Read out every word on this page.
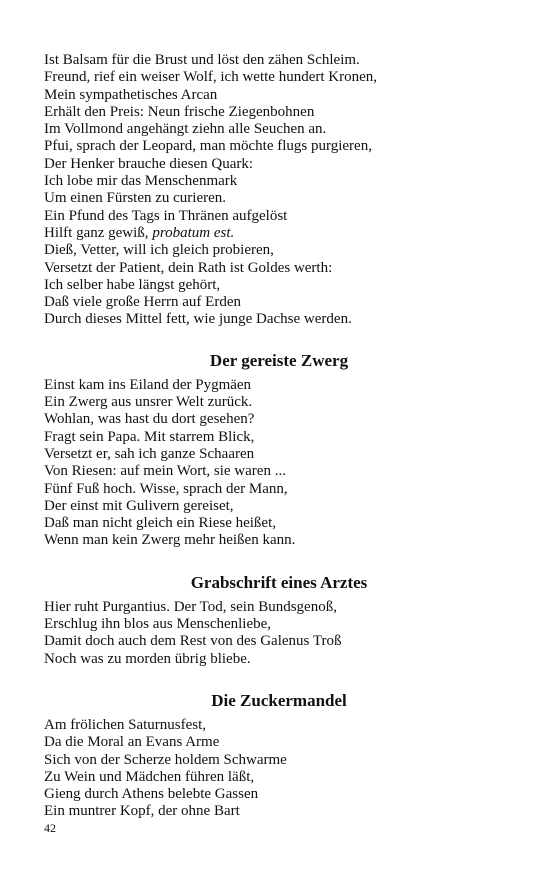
Ist Balsam für die Brust und löst den zähen Schleim.
Freund, rief ein weiser Wolf, ich wette hundert Kronen,
Mein sympathetisches Arcan
Erhält den Preis: Neun frische Ziegenbohnen
Im Vollmond angehängt ziehn alle Seuchen an.
Pfui, sprach der Leopard, man möchte flugs purgieren,
Der Henker brauche diesen Quark:
Ich lobe mir das Menschenmark
Um einen Fürsten zu curieren.
Ein Pfund des Tags in Thränen aufgelöst
Hilft ganz gewiß, probatum est.
Dieß, Vetter, will ich gleich probieren,
Versetzt der Patient, dein Rath ist Goldes werth:
Ich selber habe längst gehört,
Daß viele große Herrn auf Erden
Durch dieses Mittel fett, wie junge Dachse werden.
Der gereiste Zwerg
Einst kam ins Eiland der Pygmäen
Ein Zwerg aus unsrer Welt zurück.
Wohlan, was hast du dort gesehen?
Fragt sein Papa. Mit starrem Blick,
Versetzt er, sah ich ganze Schaaren
Von Riesen: auf mein Wort, sie waren ...
Fünf Fuß hoch. Wisse, sprach der Mann,
Der einst mit Gulivern gereiset,
Daß man nicht gleich ein Riese heißet,
Wenn man kein Zwerg mehr heißen kann.
Grabschrift eines Arztes
Hier ruht Purgantius. Der Tod, sein Bundsgenoß,
Erschlug ihn blos aus Menschenliebe,
Damit doch auch dem Rest von des Galenus Troß
Noch was zu morden übrig bliebe.
Die Zuckermandel
Am frölichen Saturnusfest,
Da die Moral an Evans Arme
Sich von der Scherze holdem Schwarme
Zu Wein und Mädchen führen läßt,
Gieng durch Athens belebte Gassen
Ein muntrer Kopf, der ohne Bart
42
